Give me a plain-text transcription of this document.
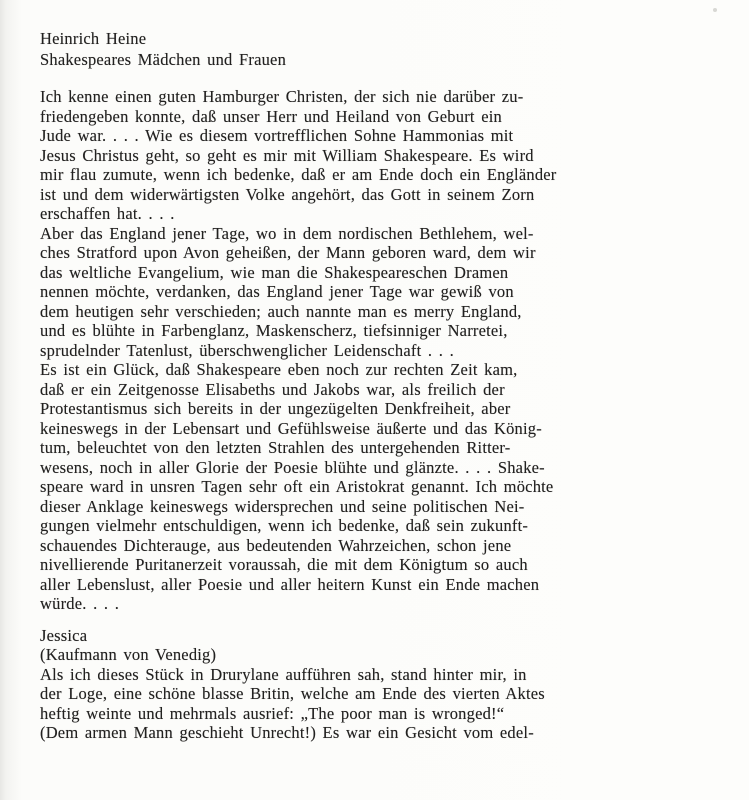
Heinrich Heine
Shakespeares Mädchen und Frauen
Ich kenne einen guten Hamburger Christen, der sich nie darüber zu-
friedengeben konnte, daß unser Herr und Heiland von Geburt ein
Jude war. . . . Wie es diesem vortrefflichen Sohne Hammonias mit
Jesus Christus geht, so geht es mir mit William Shakespeare. Es wird
mir flau zumute, wenn ich bedenke, daß er am Ende doch ein Engländer
ist und dem widerwärtigsten Volke angehört, das Gott in seinem Zorn
erschaffen hat. . . .
Aber das England jener Tage, wo in dem nordischen Bethlehem, wel-
ches Stratford upon Avon geheißen, der Mann geboren ward, dem wir
das weltliche Evangelium, wie man die Shakespeareschen Dramen
nennen möchte, verdanken, das England jener Tage war gewiß von
dem heutigen sehr verschieden; auch nannte man es merry England,
und es blühte in Farbenglanz, Maskenscherz, tiefsinniger Narretei,
sprudelnder Tatenlust, überschwenglicher Leidenschaft . . .
Es ist ein Glück, daß Shakespeare eben noch zur rechten Zeit kam,
daß er ein Zeitgenosse Elisabeths und Jakobs war, als freilich der
Protestantismus sich bereits in der ungezügelten Denkfreiheit, aber
keineswegs in der Lebensart und Gefühlsweise äußerte und das König-
tum, beleuchtet von den letzten Strahlen des untergehenden Ritter-
wesens, noch in aller Glorie der Poesie blühte und glänzte. . . . Shake-
speare ward in unsren Tagen sehr oft ein Aristokrat genannt. Ich möchte
dieser Anklage keineswegs widersprechen und seine politischen Nei-
gungen vielmehr entschuldigen, wenn ich bedenke, daß sein zukunft-
schauendes Dichterauge, aus bedeutenden Wahrzeichen, schon jene
nivellierende Puritanerzeit voraussah, die mit dem Königtum so auch
aller Lebenslust, aller Poesie und aller heitern Kunst ein Ende machen
würde. . . .
Jessica
(Kaufmann von Venedig)
Als ich dieses Stück in Drurylane aufführen sah, stand hinter mir, in
der Loge, eine schöne blasse Britin, welche am Ende des vierten Aktes
heftig weinte und mehrmals ausrief: „The poor man is wronged!“
(Dem armen Mann geschieht Unrecht!) Es war ein Gesicht vom edel-
